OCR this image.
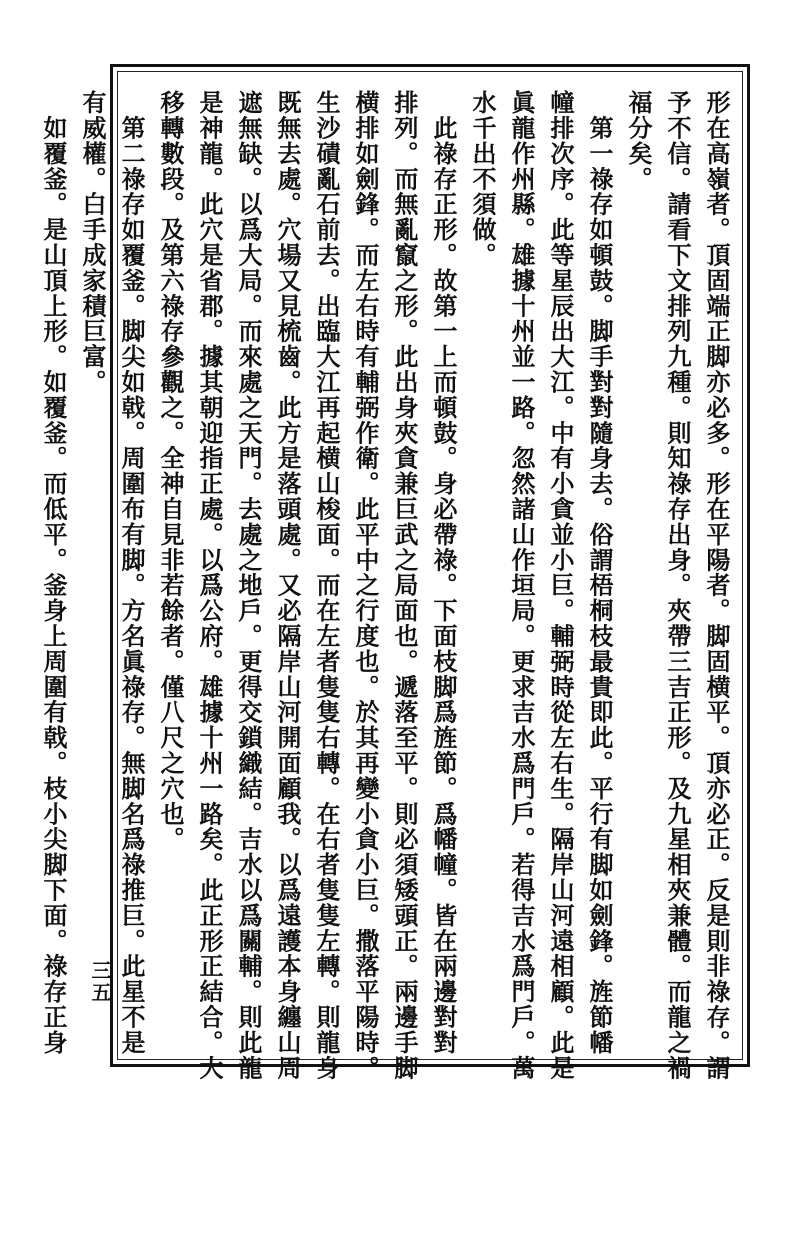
形在高嶺者。頂固端正脚亦必多。形在平陽者。脚固横平。頂亦必正。反是則非祿存。謂

予不信。請看下文排列九種。則知祿存出身。夾帶三吉正形。及九星相夾兼體。而龍之禍

福分矣。

　第一祿存如頓鼓。脚手對對隨身去。俗謂梧桐枝最貴即此。平行有脚如劍鋒。旌節幡

幢排次序。此等星辰出大江。中有小貪並小巨。輔弼時從左右生。隔岸山河遠相顧。此是

眞龍作州縣。雄據十州並一路。忽然諸山作垣局。更求吉水爲門戶。若得吉水爲門戶。萬

水千出不須做。

　此祿存正形。故第一上而頓鼓。身必帶祿。下面枝脚爲旌節。爲幡幢。皆在兩邊對對

排列。而無亂竄之形。此出身夾貪兼巨武之局面也。遞落至平。則必須矮頭正。兩邊手脚

横排如劍鋒。而左右時有輔弼作衛。此平中之行度也。於其再變小貪小巨。撒落平陽時。

生沙磧亂石前去。出臨大江再起横山梭面。而在左者隻隻右轉。在右者隻隻左轉。則龍身

既無去處。穴場又見梳齒。此方是落頭處。又必隔岸山河開面顧我。以爲遠護本身纏山周

遮無缺。以爲大局。而來處之天門。去處之地戶。更得交鎖織結。吉水以爲關輔。則此龍

是神龍。此穴是省郡。據其朝迎指正處。以爲公府。雄據十州一路矣。此正形正結合。大

移轉數段。及第六祿存參觀之。全神自見非若餘者。僅八尺之穴也。

　第二祿存如覆釜。脚尖如戟。周圍布有脚。方名眞祿存。無脚名爲祿推巨。此星不是

有威權。白手成家積巨富。

　如覆釜。是山頂上形。如覆釜。而低平。釜身上周圍有戟。枝小尖脚下面。祿存正身 三五
